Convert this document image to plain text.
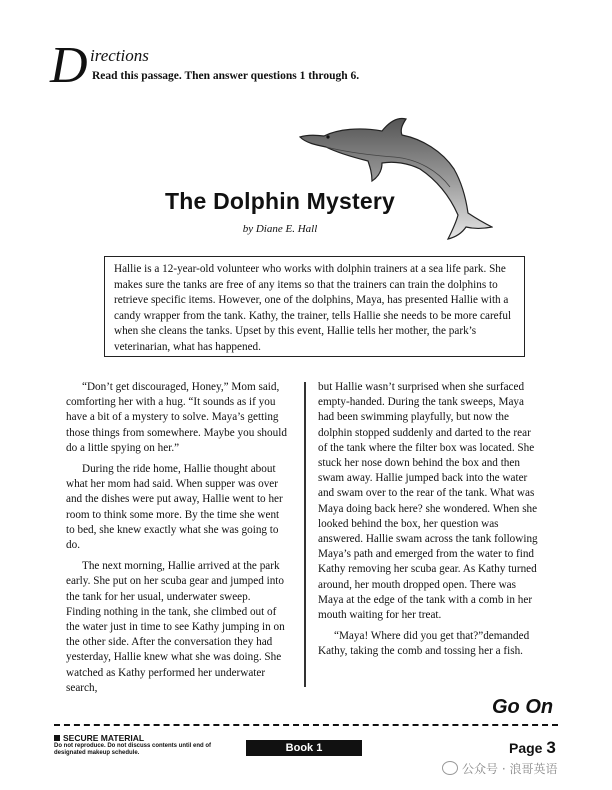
D irections
Read this passage. Then answer questions 1 through 6.
The Dolphin Mystery
by Diane E. Hall
Hallie is a 12-year-old volunteer who works with dolphin trainers at a sea life park. She makes sure the tanks are free of any items so that the trainers can train the dolphins to retrieve specific items. However, one of the dolphins, Maya, has presented Hallie with a candy wrapper from the tank. Kathy, the trainer, tells Hallie she needs to be more careful when she cleans the tanks. Upset by this event, Hallie tells her mother, the park’s veterinarian, what has happened.

“Don’t get discouraged, Honey,” Mom said, comforting her with a hug. “It sounds as if you have a bit of a mystery to solve. Maya’s getting those things from somewhere. Maybe you should do a little spying on her.”

During the ride home, Hallie thought about what her mom had said. When supper was over and the dishes were put away, Hallie went to her room to think some more. By the time she went to bed, she knew exactly what she was going to do.

The next morning, Hallie arrived at the park early. She put on her scuba gear and jumped into the tank for her usual, underwater sweep. Finding nothing in the tank, she climbed out of the water just in time to see Kathy jumping in on the other side. After the conversation they had yesterday, Hallie knew what she was doing. She watched as Kathy performed her underwater search,

but Hallie wasn’t surprised when she surfaced empty-handed. During the tank sweeps, Maya had been swimming playfully, but now the dolphin stopped suddenly and darted to the rear of the tank where the filter box was located. She stuck her nose down behind the box and then swam away. Hallie jumped back into the water and swam over to the rear of the tank. What was Maya doing back here? she wondered. When she looked behind the box, her question was answered. Hallie swam across the tank following Maya’s path and emerged from the water to find Kathy removing her scuba gear. As Kathy turned around, her mouth dropped open. There was Maya at the edge of the tank with a comb in her mouth waiting for her treat.

“Maya! Where did you get that?”demanded Kathy, taking the comb and tossing her a fish.

Go On
SECURE MATERIAL
Do not reproduce. Do not discuss contents until end of designated makeup schedule.	Book 1	Page 3
公众号 · 浪哥英语
